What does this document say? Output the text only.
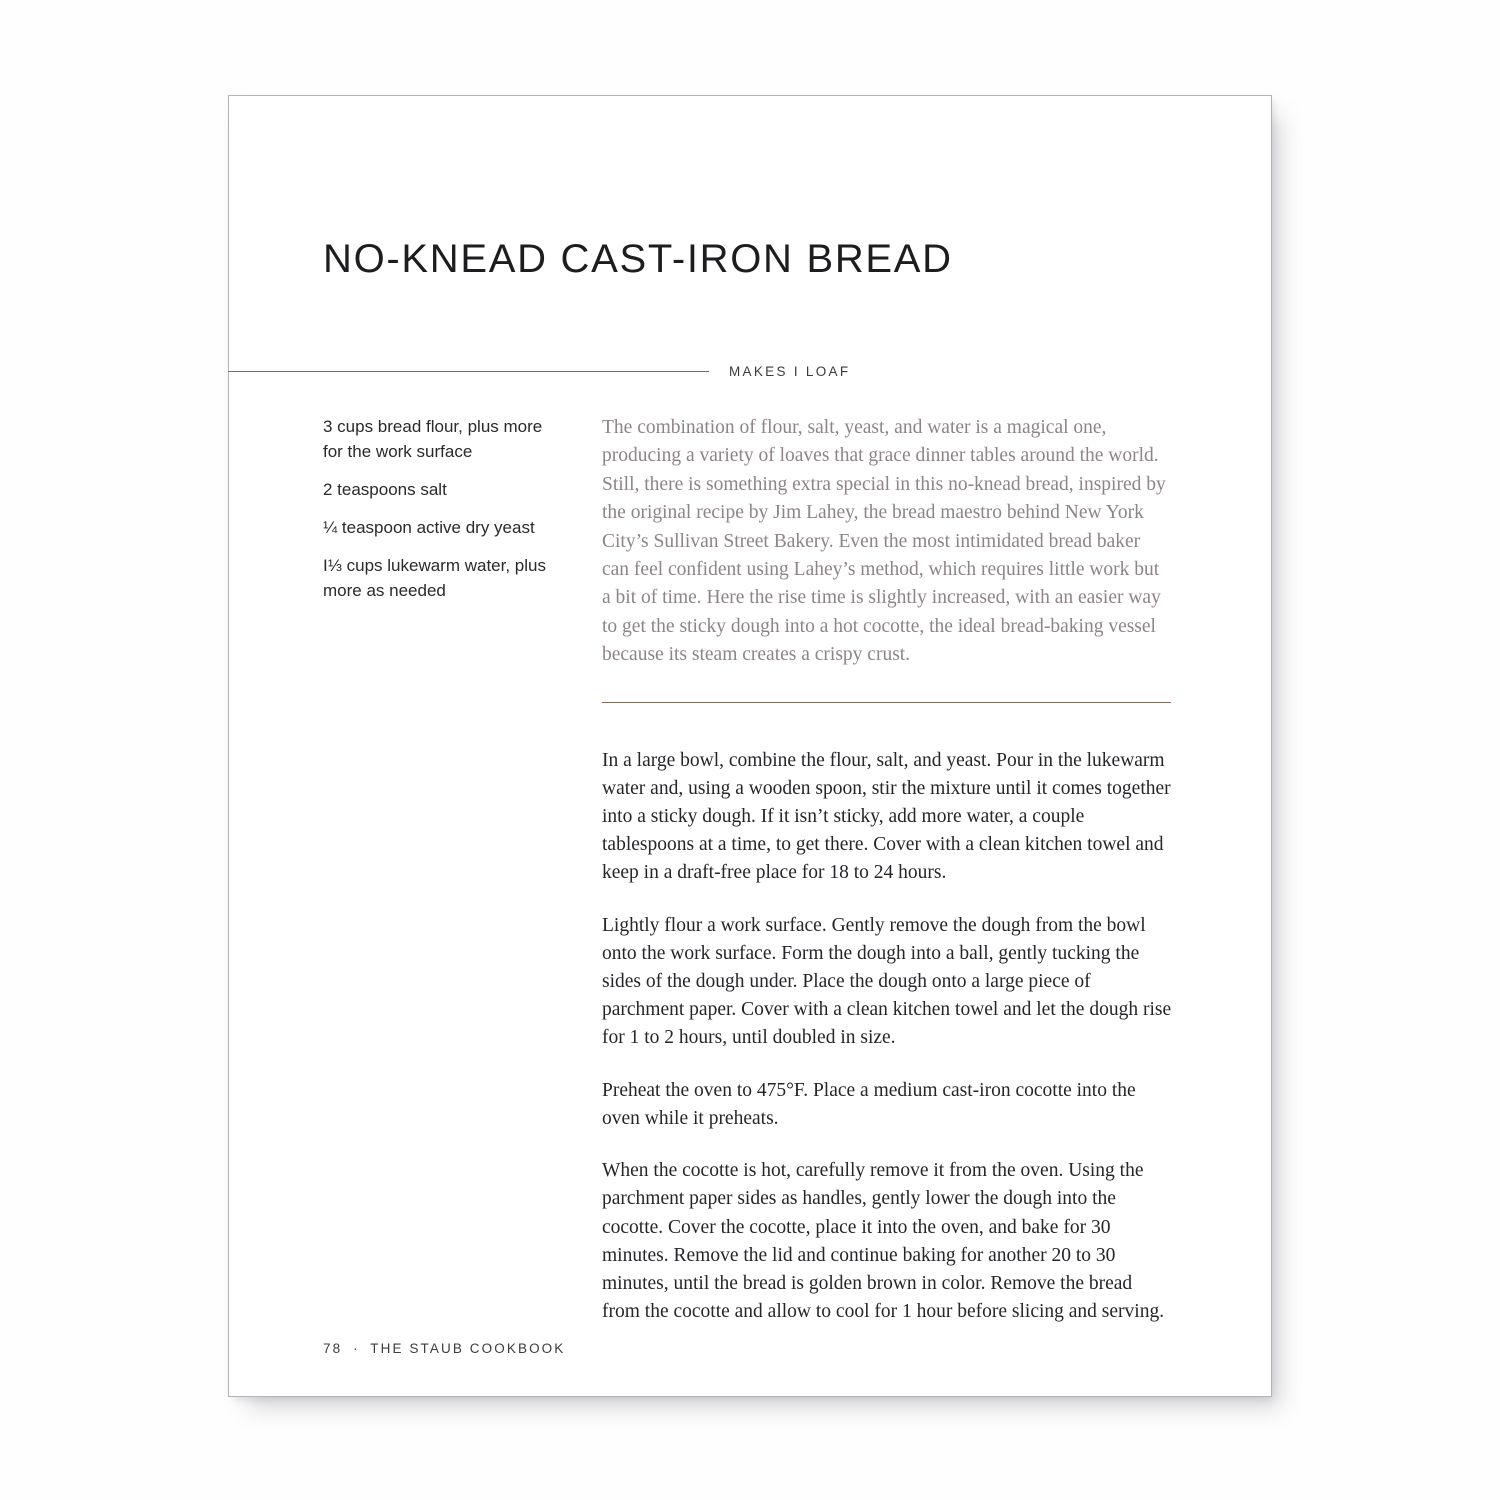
NO-KNEAD CAST-IRON BREAD
MAKES I LOAF

3 cups bread flour, plus more for the work surface

2 teaspoons salt

¼ teaspoon active dry yeast

I⅓ cups lukewarm water, plus more as needed

The combination of flour, salt, yeast, and water is a magical one, producing a variety of loaves that grace dinner tables around the world. Still, there is something extra special in this no-knead bread, inspired by the original recipe by Jim Lahey, the bread maestro behind New York City’s Sullivan Street Bakery. Even the most intimidated bread baker can feel confident using Lahey’s method, which requires little work but a bit of time. Here the rise time is slightly increased, with an easier way to get the sticky dough into a hot cocotte, the ideal bread-baking vessel because its steam creates a crispy crust.

In a large bowl, combine the flour, salt, and yeast. Pour in the lukewarm water and, using a wooden spoon, stir the mixture until it comes together into a sticky dough. If it isn’t sticky, add more water, a couple tablespoons at a time, to get there. Cover with a clean kitchen towel and keep in a draft-free place for 18 to 24 hours.

Lightly flour a work surface. Gently remove the dough from the bowl onto the work surface. Form the dough into a ball, gently tucking the sides of the dough under. Place the dough onto a large piece of parchment paper. Cover with a clean kitchen towel and let the dough rise for 1 to 2 hours, until doubled in size.

Preheat the oven to 475°F. Place a medium cast-iron cocotte into the oven while it preheats.

When the cocotte is hot, carefully remove it from the oven. Using the parchment paper sides as handles, gently lower the dough into the cocotte. Cover the cocotte, place it into the oven, and bake for 30 minutes. Remove the lid and continue baking for another 20 to 30 minutes, until the bread is golden brown in color. Remove the bread from the cocotte and allow to cool for 1 hour before slicing and serving.

78 · THE STAUB COOKBOOK
